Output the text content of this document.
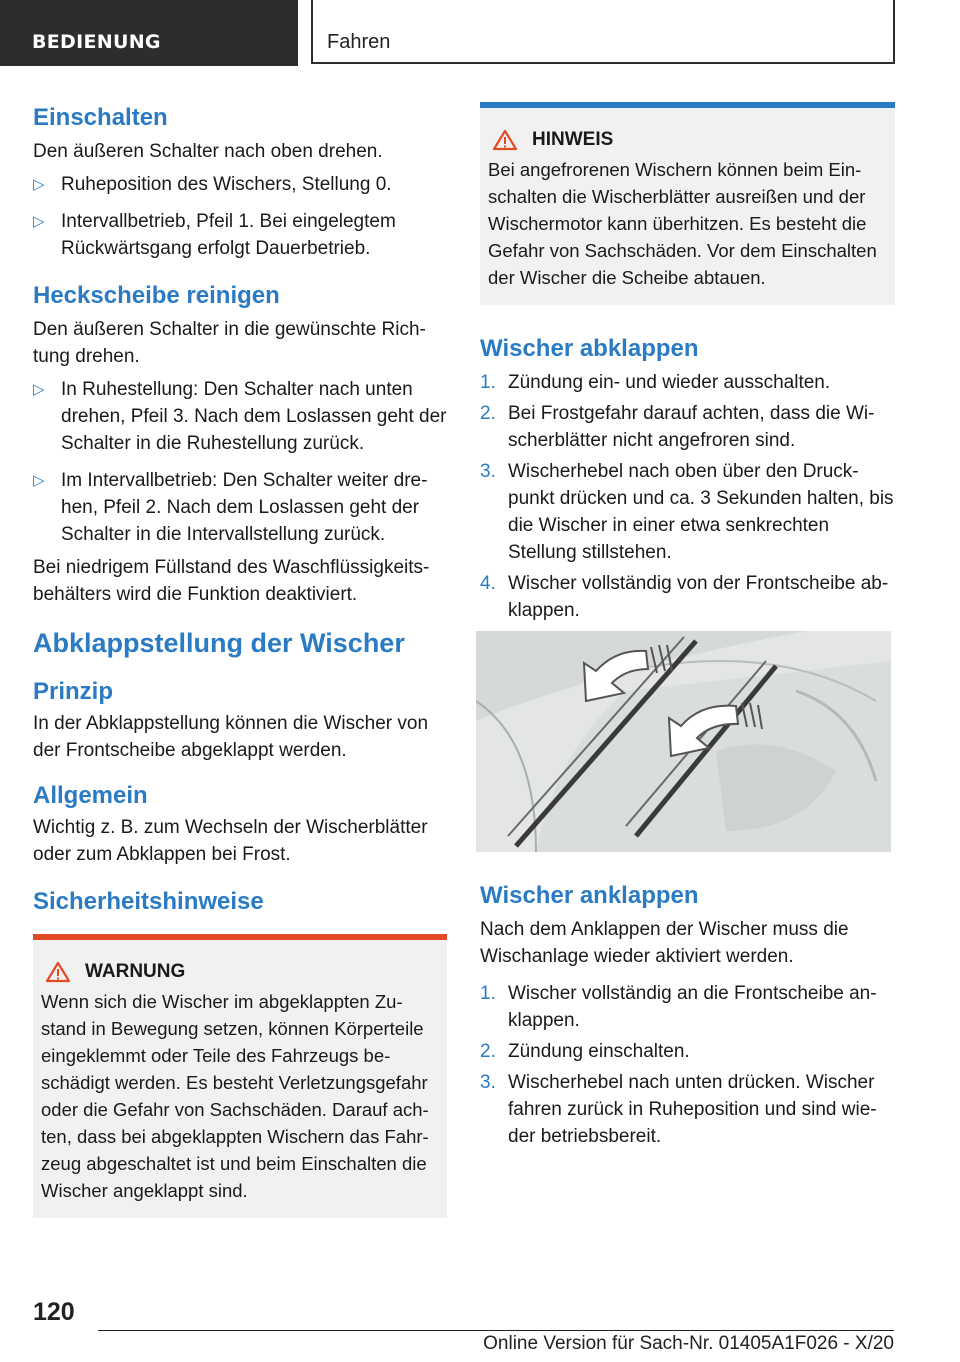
BEDIENUNG	Fahren
Einschalten

Den äußeren Schalter nach oben drehen.

▷ Ruheposition des Wischers, Stellung 0.
▷ Intervallbetrieb, Pfeil 1. Bei eingelegtem Rückwärtsgang erfolgt Dauerbetrieb.
Heckscheibe reinigen

Den äußeren Schalter in die gewünschte Rich‐tung drehen.

▷ In Ruhestellung: Den Schalter nach unten drehen, Pfeil 3. Nach dem Loslassen geht der Schalter in die Ruhestellung zurück.
▷ Im Intervallbetrieb: Den Schalter weiter dre‐hen, Pfeil 2. Nach dem Loslassen geht der Schalter in die Intervallstellung zurück.

Bei niedrigem Füllstand des Waschflüssigkeits‐behälters wird die Funktion deaktiviert.

Abklappstellung der Wischer
Prinzip

In der Abklappstellung können die Wischer von der Frontscheibe abgeklappt werden.

Allgemein

Wichtig z. B. zum Wechseln der Wischerblätter oder zum Abklappen bei Frost.

Sicherheitshinweise
WARNUNG

Wenn sich die Wischer im abgeklappten Zu‐stand in Bewegung setzen, können Körperteile eingeklemmt oder Teile des Fahrzeugs be‐schädigt werden. Es besteht Verletzungsgefahr oder die Gefahr von Sachschäden. Darauf ach‐ten, dass bei abgeklappten Wischern das Fahr‐zeug abgeschaltet ist und beim Einschalten die Wischer angeklappt sind.

HINWEIS

Bei angefrorenen Wischern können beim Ein‐schalten die Wischerblätter ausreißen und der Wischermotor kann überhitzen. Es besteht die Gefahr von Sachschäden. Vor dem Einschalten der Wischer die Scheibe abtauen.

Wischer abklappen
1. Zündung ein- und wieder ausschalten.
2. Bei Frostgefahr darauf achten, dass die Wi‐scherblätter nicht angefroren sind.
3. Wischerhebel nach oben über den Druck‐punkt drücken und ca. 3 Sekunden halten, bis die Wischer in einer etwa senkrechten Stellung stillstehen.
4. Wischer vollständig von der Frontscheibe ab‐klappen.
Wischer anklappen

Nach dem Anklappen der Wischer muss die Wischanlage wieder aktiviert werden.

1. Wischer vollständig an die Frontscheibe an‐klappen.
2. Zündung einschalten.
3. Wischerhebel nach unten drücken. Wischer fahren zurück in Ruheposition und sind wie‐der betriebsbereit.
120
Online Version für Sach-Nr. 01405A1F026 - X/20
